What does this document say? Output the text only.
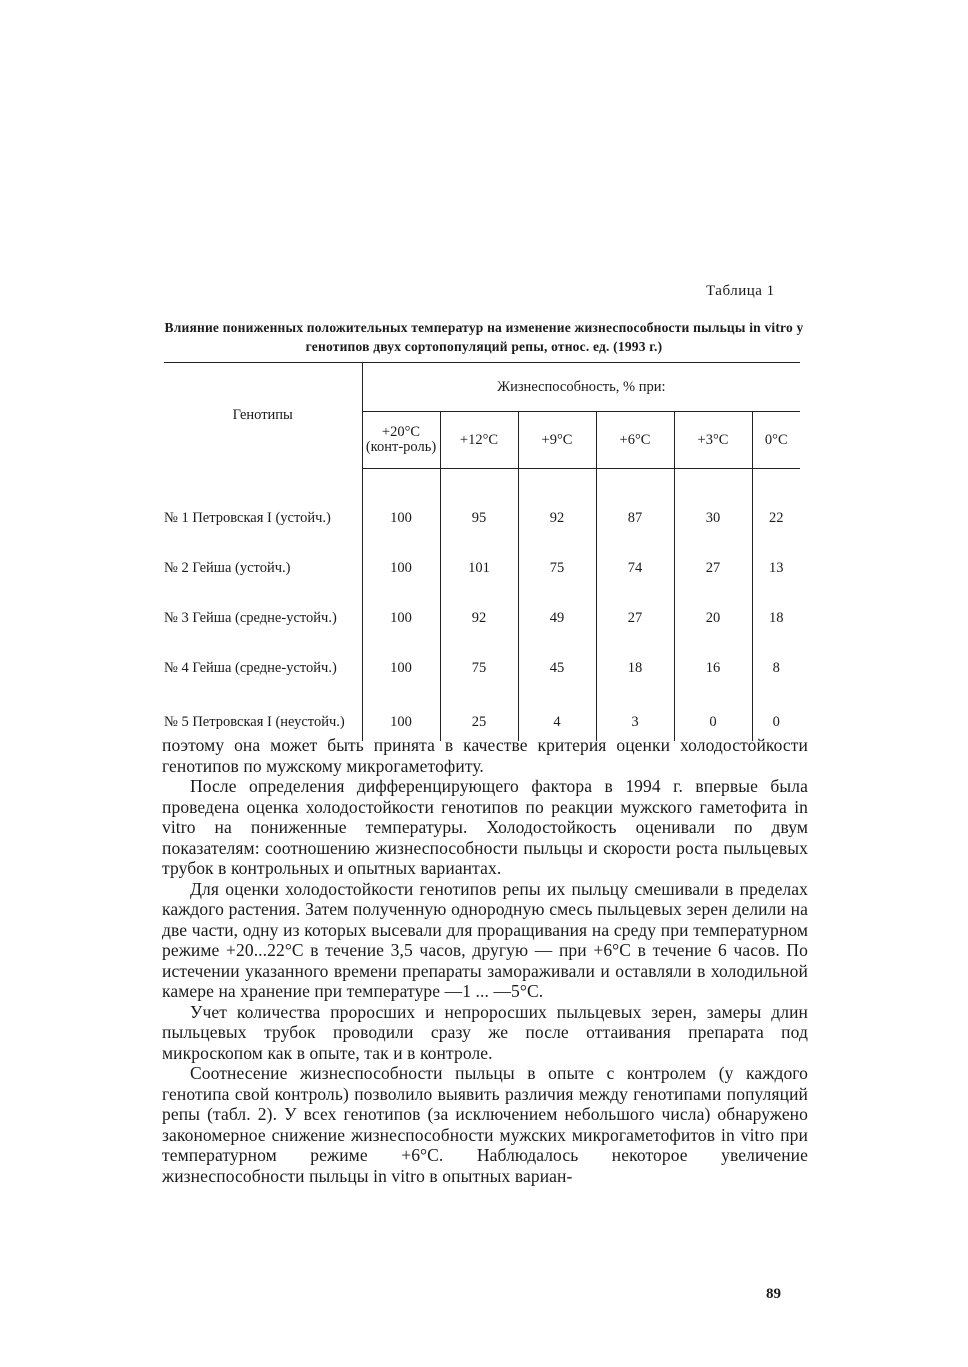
Таблица 1
Влияние пониженных положительных температур на изменение жизнеспособности пыльцы in vitro у генотипов двух сортопопуляций репы, относ. ед. (1993 г.)
Генотипы	Жизнеспособность, % при:					
	+20°С (конт-роль)	+12°С	+9°С	+6°С	+3°С	0°С
№ 1 Петровская I (устойч.)	100	95	92	87	30	22
№ 2 Гейша (устойч.)	100	101	75	74	27	13
№ 3 Гейша (средне-устойч.)	100	92	49	27	20	18
№ 4 Гейша (средне-устойч.)	100	75	45	18	16	8
№ 5 Петровская I (неустойч.)	100	25	4	3	0	0

поэтому она может быть принята в качестве критерия оценки холодостойкости генотипов по мужскому микрогаметофиту.

После определения дифференцирующего фактора в 1994 г. впервые была проведена оценка холодостойкости генотипов по реакции мужского гаметофита in vitro на пониженные температуры. Холодостойкость оценивали по двум показателям: соотношению жизнеспособности пыльцы и скорости роста пыльцевых трубок в контрольных и опытных вариантах.

Для оценки холодостойкости генотипов репы их пыльцу смешивали в пределах каждого растения. Затем полученную однородную смесь пыльцевых зерен делили на две части, одну из которых высевали для проращивания на среду при температурном режиме +20...22°С в течение 3,5 часов, другую — при +6°С в течение 6 часов. По истечении указанного времени препараты замораживали и оставляли в холодильной камере на хранение при температуре —1 ... —5°С.

Учет количества проросших и непроросших пыльцевых зерен, замеры длин пыльцевых трубок проводили сразу же после оттаивания препарата под микроскопом как в опыте, так и в контроле.

Соотнесение жизнеспособности пыльцы в опыте с контролем (у каждого генотипа свой контроль) позволило выявить различия между генотипами популяций репы (табл. 2). У всех генотипов (за исключением небольшого числа) обнаружено закономерное снижение жизнеспособности мужских микрогаметофитов in vitro при температурном режиме +6°С. Наблюдалось некоторое увеличение жизнеспособности пыльцы in vitro в опытных вариан-

89
